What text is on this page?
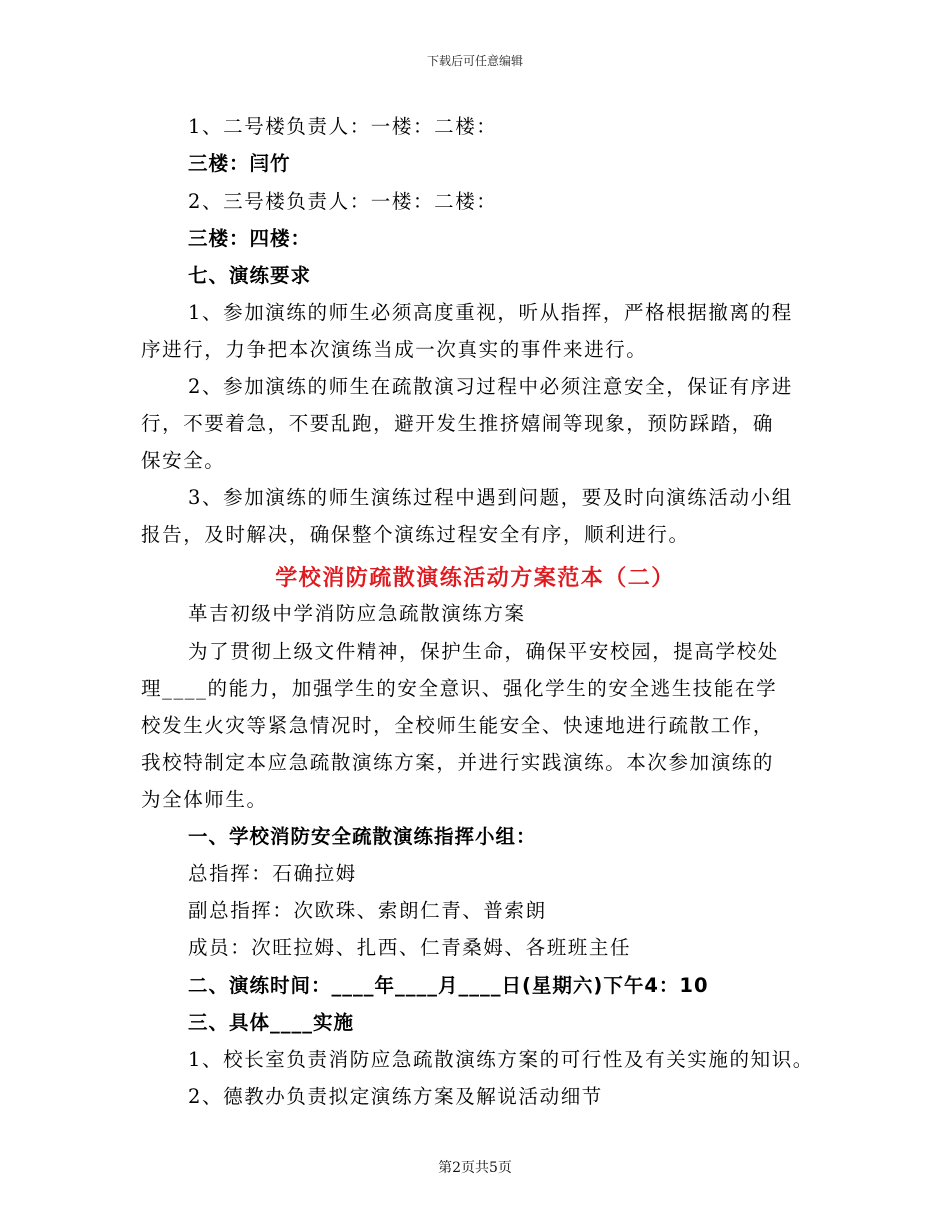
下载后可任意编辑
1、二号楼负责人：一楼：二楼：
三楼：闫竹
2、三号楼负责人：一楼：二楼：
三楼：四楼：
七、演练要求
1、参加演练的师生必须高度重视，听从指挥，严格根据撤离的程
序进行，力争把本次演练当成一次真实的事件来进行。
2、参加演练的师生在疏散演习过程中必须注意安全，保证有序进
行，不要着急，不要乱跑，避开发生推挤嬉闹等现象，预防踩踏，确
保安全。
3、参加演练的师生演练过程中遇到问题，要及时向演练活动小组
报告，及时解决，确保整个演练过程安全有序，顺利进行。
学校消防疏散演练活动方案范本（二）
革吉初级中学消防应急疏散演练方案
为了贯彻上级文件精神，保护生命，确保平安校园，提高学校处
理____的能力，加强学生的安全意识、强化学生的安全逃生技能在学
校发生火灾等紧急情况时，全校师生能安全、快速地进行疏散工作，
我校特制定本应急疏散演练方案，并进行实践演练。本次参加演练的
为全体师生。
一、学校消防安全疏散演练指挥小组：
总指挥：石确拉姆
副总指挥：次欧珠、索朗仁青、普索朗
成员：次旺拉姆、扎西、仁青桑姆、各班班主任
二、演练时间：____年____月____日(星期六)下午4：10
三、具体____实施
1、校长室负责消防应急疏散演练方案的可行性及有关实施的知识。
2、德教办负责拟定演练方案及解说活动细节
第2页共5页
